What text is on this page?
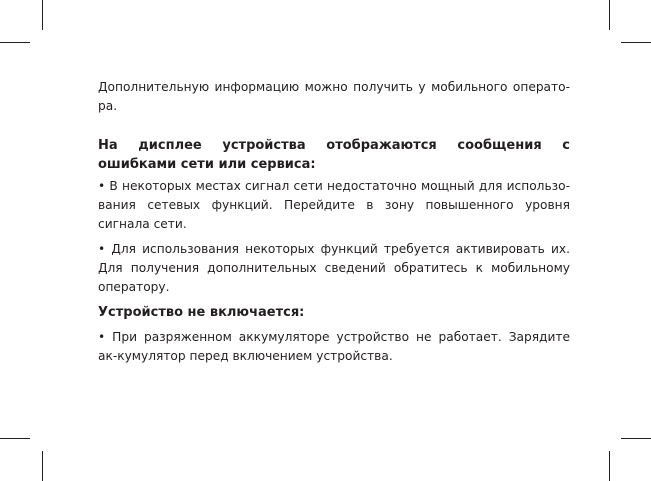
Дополнительную информацию можно получить у мобильного операто-ра.

На дисплее устройства отображаются сообщения с ошибками сети или сервиса:

• В некоторых местах сигнал сети недостаточно мощный для использо-вания сетевых функций. Перейдите в зону повышенного уровня сигнала сети.

• Для использования некоторых функций требуется активировать их. Для получения дополнительных сведений обратитесь к мобильному оператору.

Устройство не включается:

• При разряженном аккумуляторе устройство не работает. Зарядите ак-кумулятор перед включением устройства.
